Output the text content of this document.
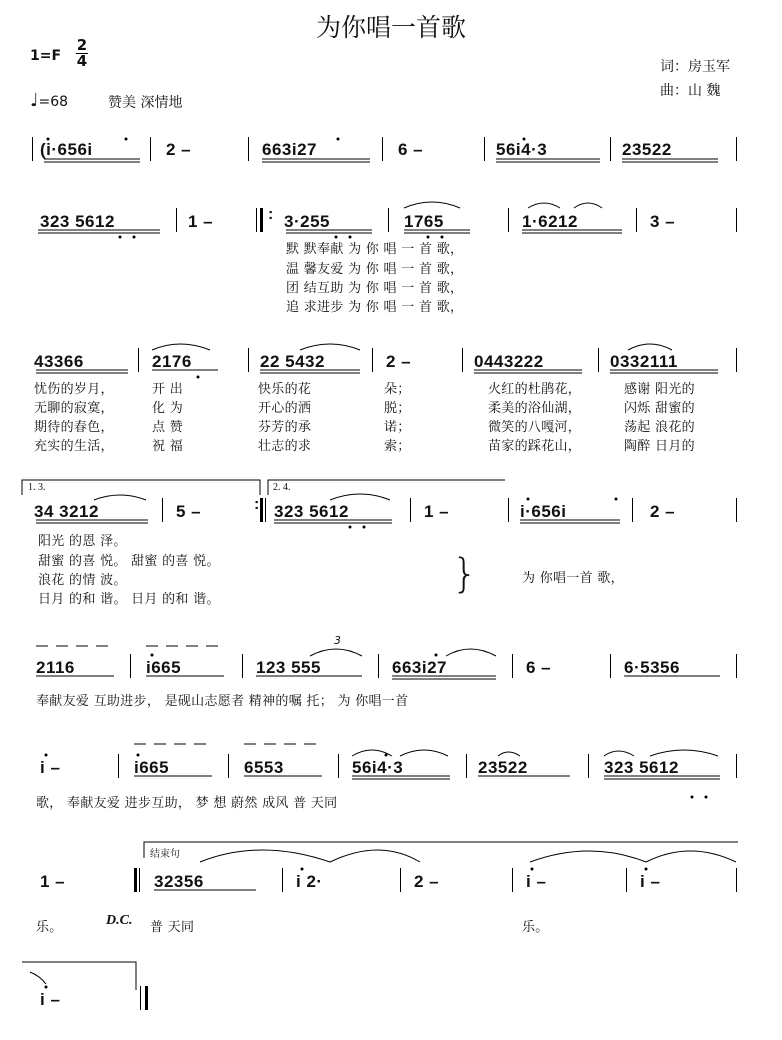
为你唱一首歌
1=F
2
4
♩=68	赞美 深情地
词：房玉军
曲：山 魏
(i·656i	2 –	663i27	6 –	56i4·3	23522
323 5612	1 –	: 3·255	1765	1·6212	3 –
默 默奉献 为 你 唱 一 首 歌，
温 馨友爱 为 你 唱 一 首 歌，
团 结互助 为 你 唱 一 首 歌，
追 求进步 为 你 唱 一 首 歌，
43366	2176	22 5432	2 –	0443222	0332111
忧伤的岁月，	开 出	快乐的花	朵；	火红的杜鹃花，	感谢 阳光的
无聊的寂寞，	化 为	开心的洒	脱；	柔美的浴仙湖，	闪烁 甜蜜的
期待的春色，	点 赞	芬芳的承	诺；	微笑的八嘎河，	荡起 浪花的
充实的生活，	祝 福	壮志的求	索；	苗家的踩花山，	陶醉 日月的
1. 3.	2. 4.
34 3212	5 –	: 323 5612	1 –	i·656i	2 –
阳光 的恩 泽。
甜蜜 的喜 悦。 甜蜜 的喜 悦。
浪花 的情 波。
日月 的和 谐。 日月 的和 谐。
}	为 你唱一首 歌，
2116	i665	123 555
3
663i27	6 –	6·5356
奉献友爱 互助进步， 是砚山志愿者 精神的嘱 托； 为 你唱一首
i –	i665	6553	56i4·3	23522	323 5612
歌， 奉献友爱 进步互助， 梦 想 蔚然 成风 普 天同
结束句
1 –	32356	i 2·	2 –	i –	i –
乐。	D.C. 普 天同	乐。
i –
